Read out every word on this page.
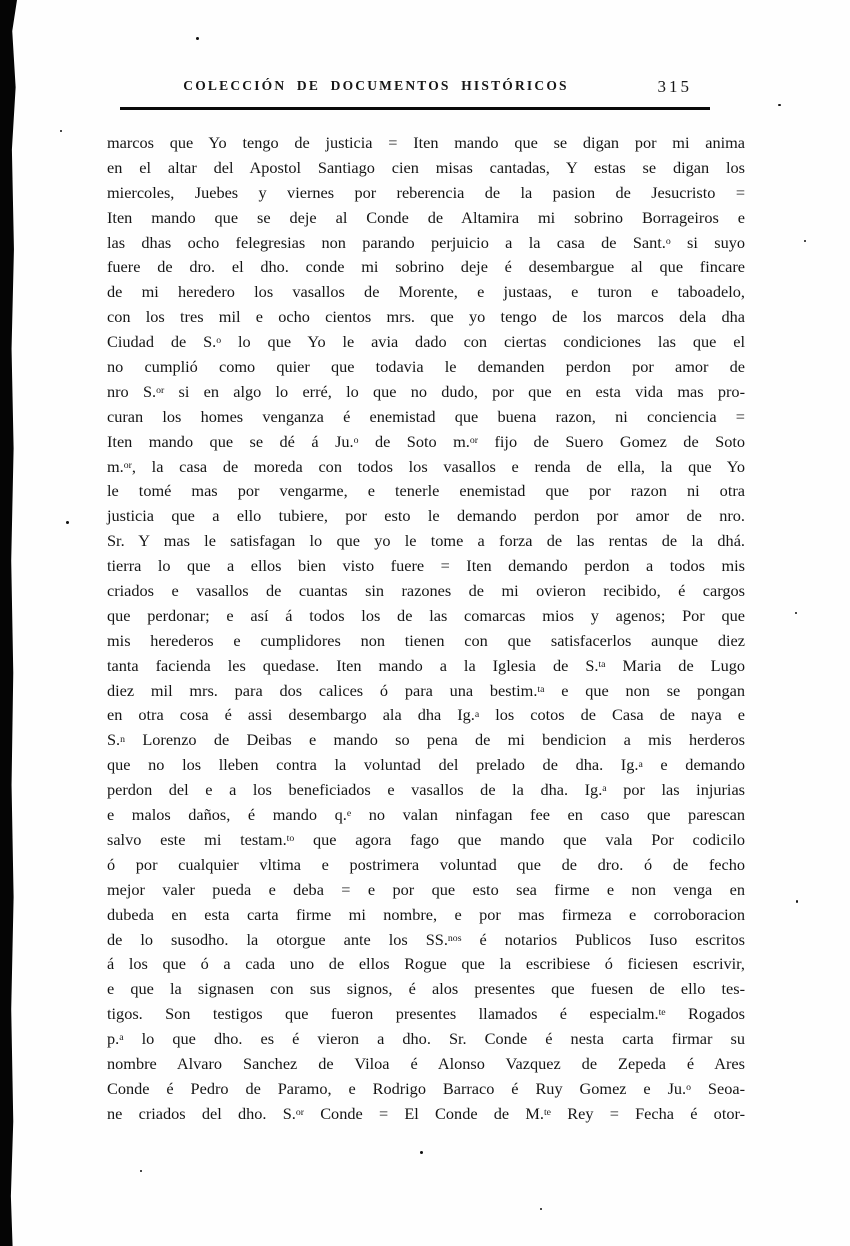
COLECCIÓN DE DOCUMENTOS HISTÓRICOS	315
marcos que Yo tengo de justicia = Iten mando que se digan por mi anima
en el altar del Apostol Santiago cien misas cantadas, Y estas se digan los
miercoles, Juebes y viernes por reberencia de la pasion de Jesucristo =
Iten mando que se deje al Conde de Altamira mi sobrino Borrageiros e
las dhas ocho felegresias non parando perjuicio a la casa de Sant.$^o$ si suyo
fuere de dro. el dho. conde mi sobrino deje é desembargue al que fincare
de mi heredero los vasallos de Morente, e justaas, e turon e taboadelo,
con los tres mil e ocho cientos mrs. que yo tengo de los marcos dela dha
Ciudad de S.$^o$ lo que Yo le avia dado con ciertas condiciones las que el
no cumplió como quier que todavia le demanden perdon por amor de
nro S.$^{or}$ si en algo lo erré, lo que no dudo, por que en esta vida mas pro-
curan los homes venganza é enemistad que buena razon, ni conciencia =
Iten mando que se dé á Ju.$^o$ de Soto m.$^{or}$ fijo de Suero Gomez de Soto
m.$^{or}$, la casa de moreda con todos los vasallos e renda de ella, la que Yo
le tomé mas por vengarme, e tenerle enemistad que por razon ni otra
justicia que a ello tubiere, por esto le demando perdon por amor de nro.
Sr. Y mas le satisfagan lo que yo le tome a forza de las rentas de la dhá.
tierra lo que a ellos bien visto fuere = Iten demando perdon a todos mis
criados e vasallos de cuantas sin razones de mi ovieron recibido, é cargos
que perdonar; e así á todos los de las comarcas mios y agenos; Por que
mis herederos e cumplidores non tienen con que satisfacerlos aunque diez
tanta facienda les quedase. Iten mando a la Iglesia de S.$^{ta}$ Maria de Lugo
diez mil mrs. para dos calices ó para una bestim.$^{ta}$ e que non se pongan
en otra cosa é assi desembargo ala dha Ig.$^a$ los cotos de Casa de naya e
S.$^n$ Lorenzo de Deibas e mando so pena de mi bendicion a mis herderos
que no los lleben contra la voluntad del prelado de dha. Ig.$^a$ e demando
perdon del e a los beneficiados e vasallos de la dha. Ig.$^a$ por las injurias
e malos daños, é mando q.$^e$ no valan ninfagan fee en caso que parescan
salvo este mi testam.$^{to}$ que agora fago que mando que vala Por codicilo
ó por cualquier vltima e postrimera voluntad que de dro. ó de fecho
mejor valer pueda e deba = e por que esto sea firme e non venga en
dubeda en esta carta firme mi nombre, e por mas firmeza e corroboracion
de lo susodho. la otorgue ante los SS.$^{nos}$ é notarios Publicos Iuso escritos
á los que ó a cada uno de ellos Rogue que la escribiese ó ficiesen escrivir,
e que la signasen con sus signos, é alos presentes que fuesen de ello tes-
tigos. Son testigos que fueron presentes llamados é especialm.$^{te}$ Rogados
p.$^a$ lo que dho. es é vieron a dho. Sr. Conde é nesta carta firmar su
nombre Alvaro Sanchez de Viloa é Alonso Vazquez de Zepeda é Ares
Conde é Pedro de Paramo, e Rodrigo Barraco é Ruy Gomez e Ju.$^o$ Seoa-
ne criados del dho. S.$^{or}$ Conde = El Conde de M.$^{te}$ Rey = Fecha é otor-
